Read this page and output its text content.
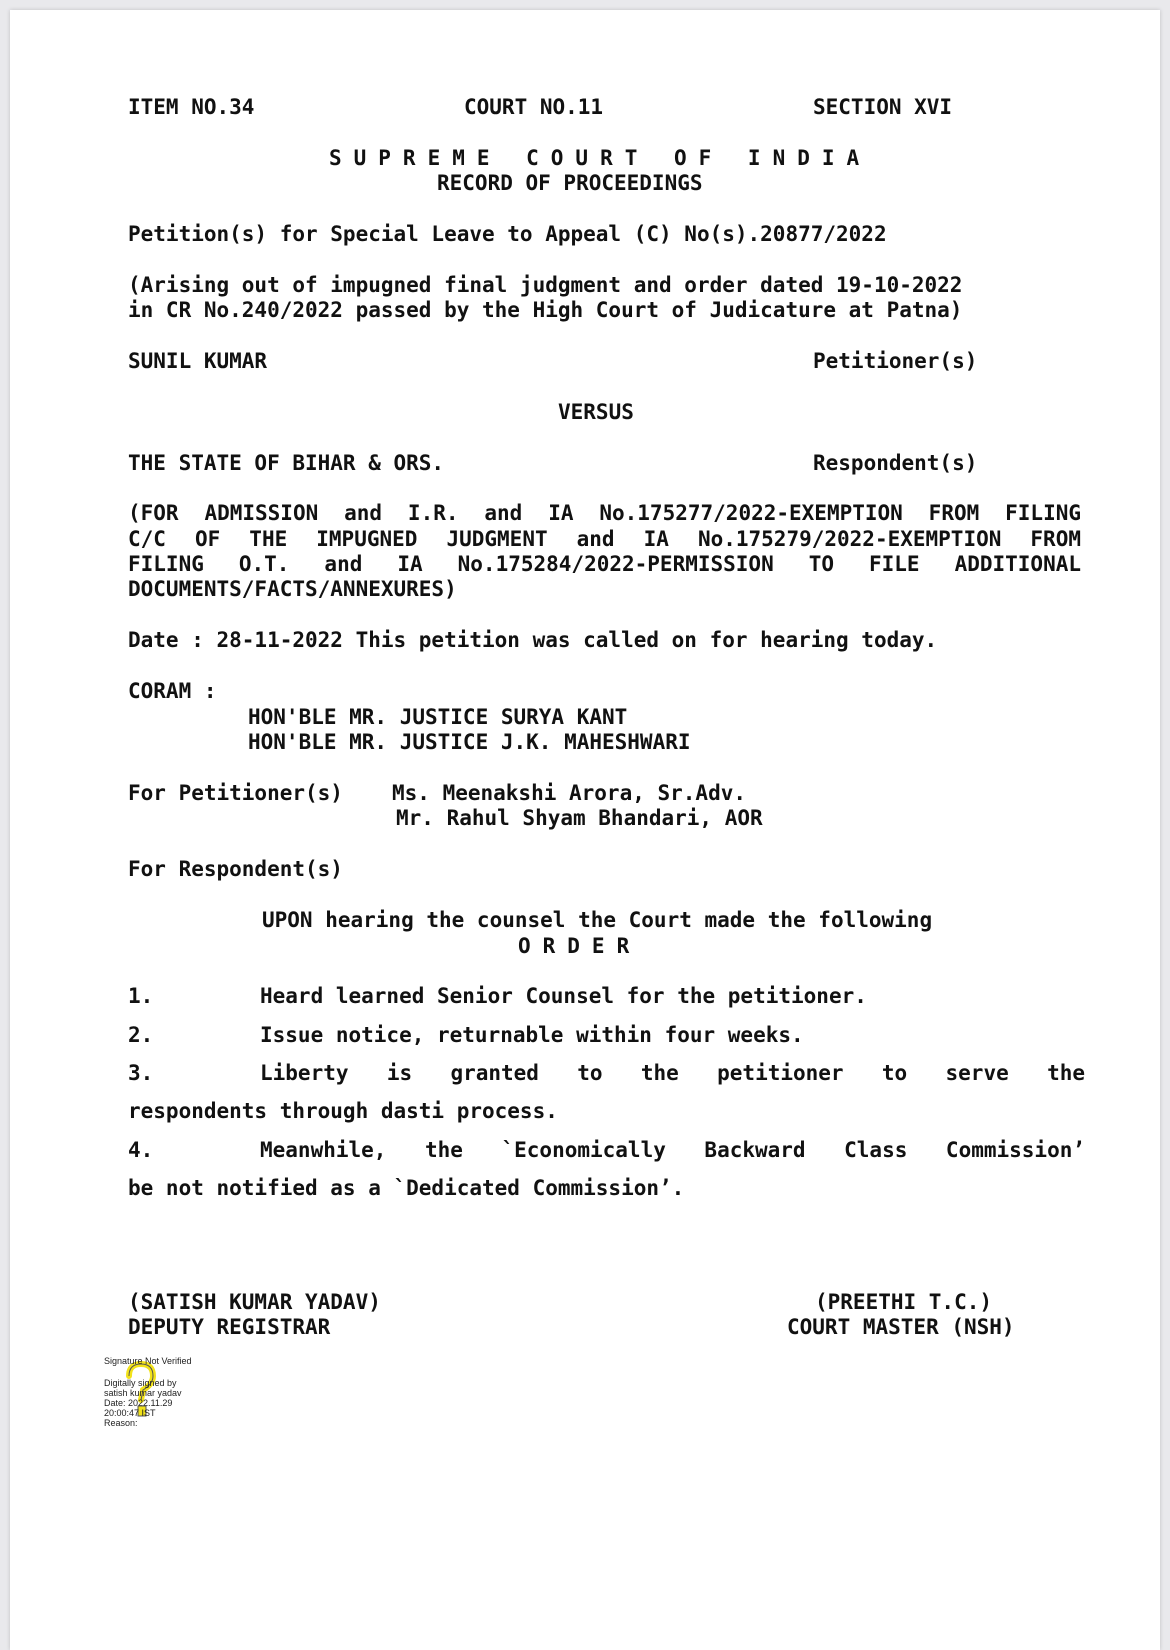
ITEM NO.34	COURT NO.11	SECTION XVI
SUPREME COURT OF INDIA
RECORD OF PROCEEDINGS
Petition(s) for Special Leave to Appeal (C) No(s).20877/2022
(Arising out of impugned final judgment and order dated 19-10-2022
in CR No.240/2022 passed by the High Court of Judicature at Patna)
SUNIL KUMAR	Petitioner(s)
VERSUS
THE STATE OF BIHAR & ORS.	Respondent(s)
(FOR ADMISSION and I.R. and IA No.175277/2022-EXEMPTION FROM FILING
C/C OF THE IMPUGNED JUDGMENT and IA No.175279/2022-EXEMPTION FROM
FILING O.T. and IA No.175284/2022-PERMISSION TO FILE ADDITIONAL
DOCUMENTS/FACTS/ANNEXURES)
Date : 28-11-2022 This petition was called on for hearing today.
CORAM :
HON'BLE MR. JUSTICE SURYA KANT
HON'BLE MR. JUSTICE J.K. MAHESHWARI
For Petitioner(s) Ms. Meenakshi Arora, Sr.Adv.
Mr. Rahul Shyam Bhandari, AOR
For Respondent(s)
UPON hearing the counsel the Court made the following
ORDER
1.	Heard learned Senior Counsel for the petitioner.
2.	Issue notice, returnable within four weeks.
3.	Liberty is granted to the petitioner to serve the
respondents through dasti process.
4.	Meanwhile, the `Economically Backward Class Commission’
be not notified as a `Dedicated Commission’.
(SATISH KUMAR YADAV)
DEPUTY REGISTRAR
(PREETHI T.C.)
COURT MASTER (NSH)
Signature Not Verified
Digitally signed by
satish kumar yadav
Date: 2022.11.29
20:00:47 IST
Reason:
